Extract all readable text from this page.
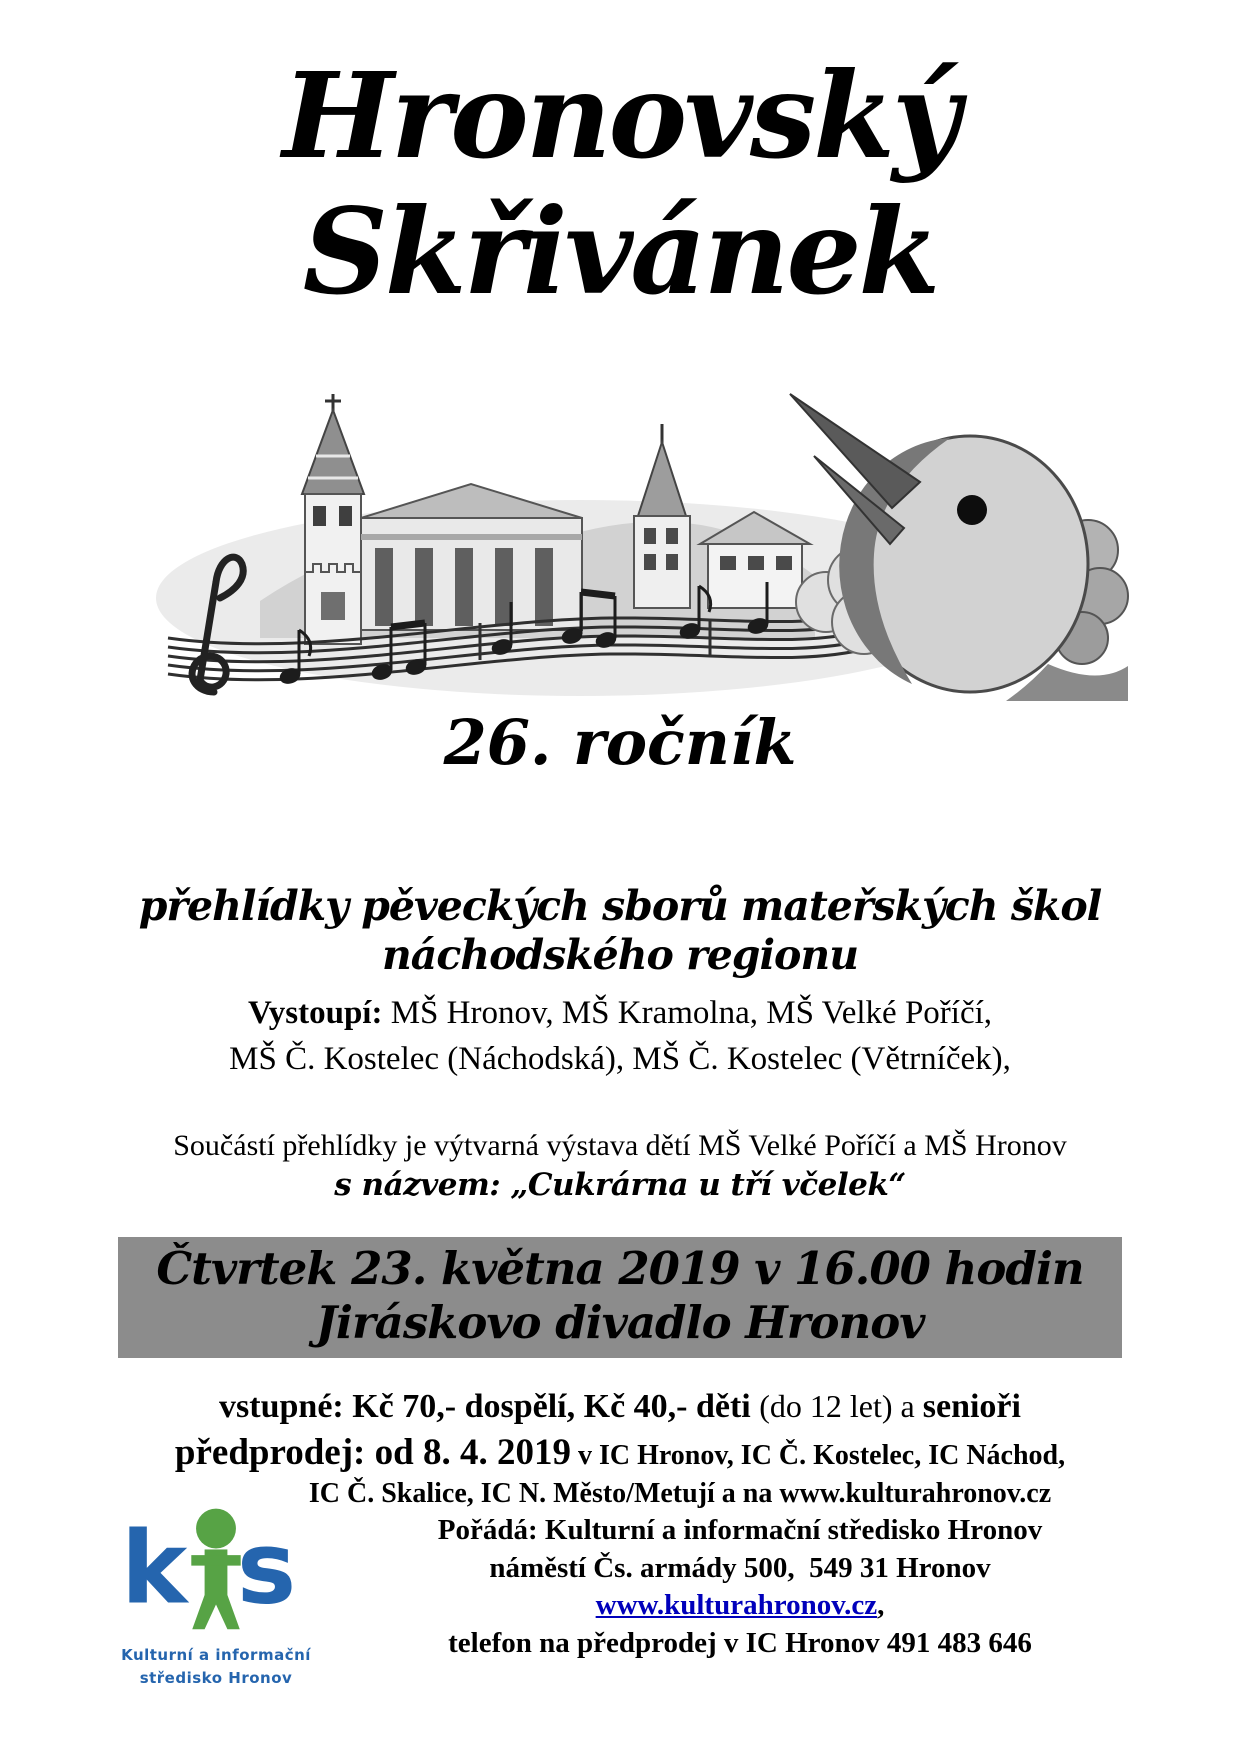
Hronovský
Skřivánek
26. ročník
přehlídky pěveckých sborů mateřských škol
náchodského regionu
Vystoupí: MŠ Hronov, MŠ Kramolna, MŠ Velké Poříčí,
MŠ Č. Kostelec (Náchodská), MŠ Č. Kostelec (Větrníček),
Součástí přehlídky je výtvarná výstava dětí MŠ Velké Poříčí a MŠ Hronov
s názvem: „Cukrárna u tří včelek“
Čtvrtek 23. května 2019 v 16.00 hodin
Jiráskovo divadlo Hronov
vstupné: Kč 70,- dospělí, Kč 40,- děti (do 12 let) a senioři
předprodej: od 8. 4. 2019 v IC Hronov, IC Č. Kostelec, IC Náchod,
IC Č. Skalice, IC N. Město/Metují a na www.kulturahronov.cz
k s
Kulturní a informační
středisko Hronov
Pořádá: Kulturní a informační středisko Hronov
náměstí Čs. armády 500,  549 31 Hronov
www.kulturahronov.cz,
telefon na předprodej v IC Hronov 491 483 646
